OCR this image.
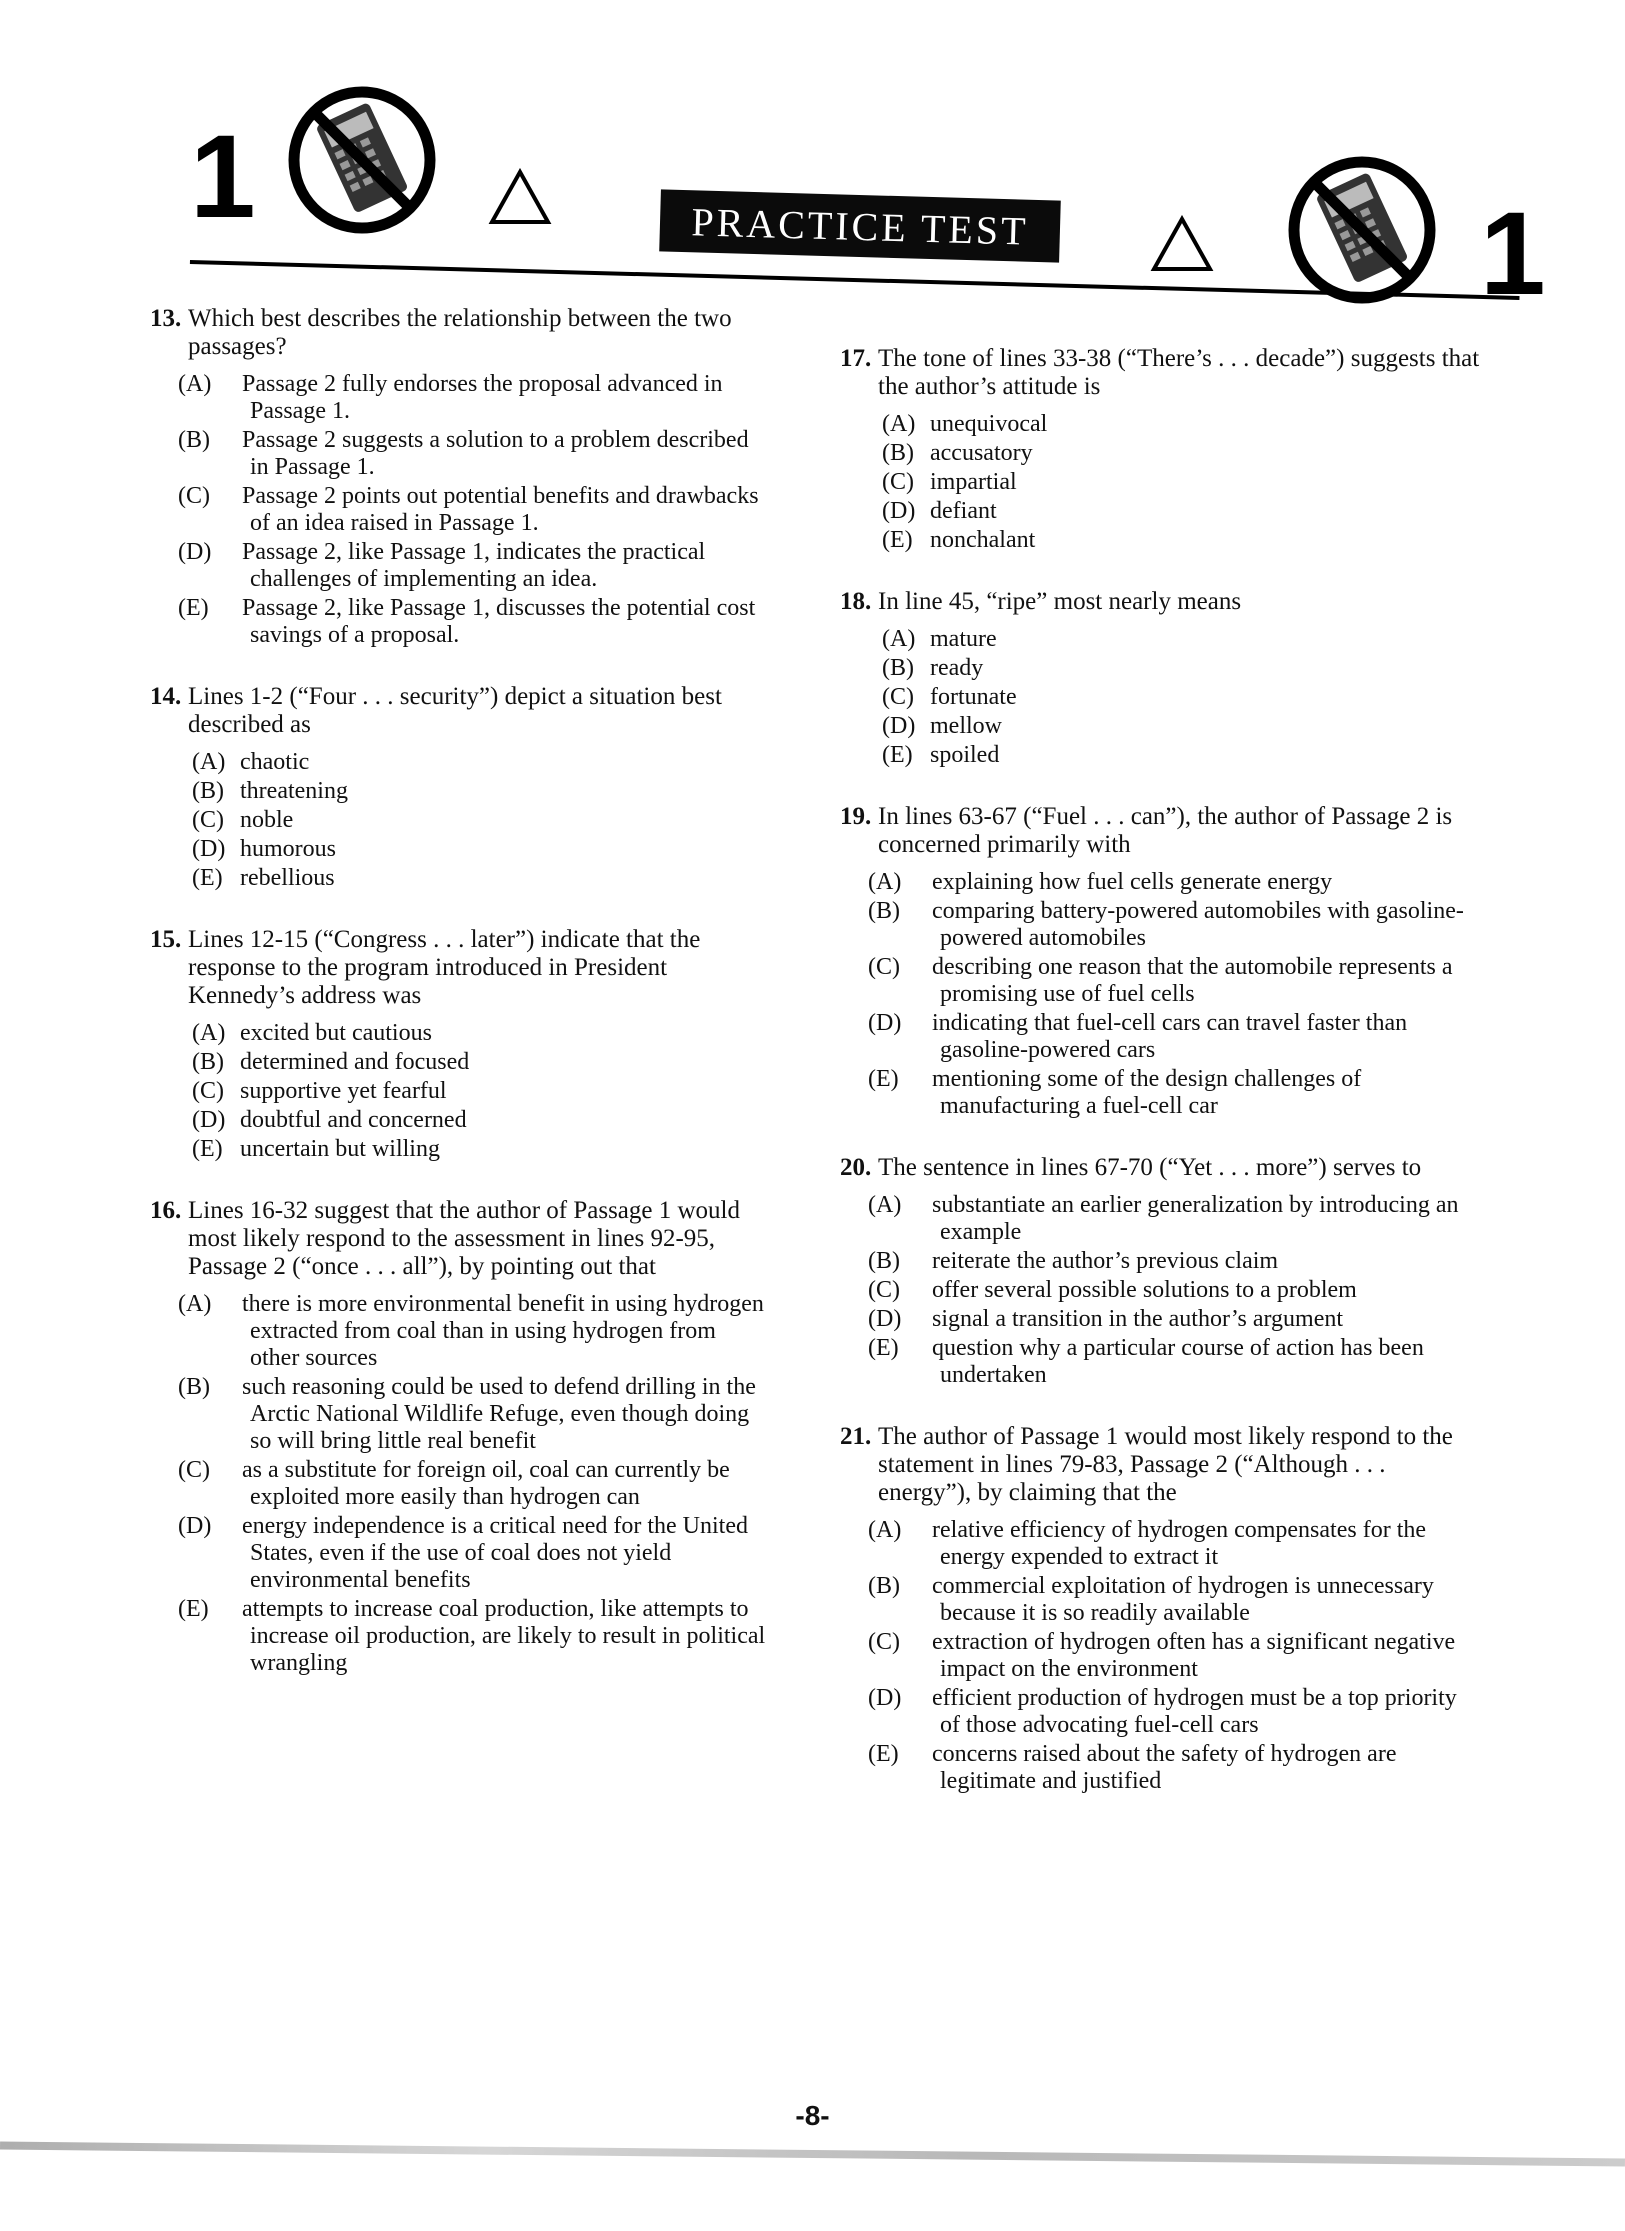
1	PRACTICE TEST	1
13. Which best describes the relationship between the two passages?
(A) Passage 2 fully endorses the proposal advanced in Passage 1.
(B) Passage 2 suggests a solution to a problem described in Passage 1.
(C) Passage 2 points out potential benefits and drawbacks of an idea raised in Passage 1.
(D) Passage 2, like Passage 1, indicates the practical challenges of implementing an idea.
(E) Passage 2, like Passage 1, discusses the potential cost savings of a proposal.
14. Lines 1-2 (“Four . . . security”) depict a situation best described as
(A) chaotic
(B) threatening
(C) noble
(D) humorous
(E) rebellious
15. Lines 12-15 (“Congress . . . later”) indicate that the response to the program introduced in President Kennedy’s address was
(A) excited but cautious
(B) determined and focused
(C) supportive yet fearful
(D) doubtful and concerned
(E) uncertain but willing
16. Lines 16-32 suggest that the author of Passage 1 would most likely respond to the assessment in lines 92-95, Passage 2 (“once . . . all”), by pointing out that
(A) there is more environmental benefit in using hydrogen extracted from coal than in using hydrogen from other sources
(B) such reasoning could be used to defend drilling in the Arctic National Wildlife Refuge, even though doing so will bring little real benefit
(C) as a substitute for foreign oil, coal can currently be exploited more easily than hydrogen can
(D) energy independence is a critical need for the United States, even if the use of coal does not yield environmental benefits
(E) attempts to increase coal production, like attempts to increase oil production, are likely to result in political wrangling
17. The tone of lines 33-38 (“There’s . . . decade”) suggests that the author’s attitude is
(A) unequivocal
(B) accusatory
(C) impartial
(D) defiant
(E) nonchalant
18. In line 45, “ripe” most nearly means
(A) mature
(B) ready
(C) fortunate
(D) mellow
(E) spoiled
19. In lines 63-67 (“Fuel . . . can”), the author of Passage 2 is concerned primarily with
(A) explaining how fuel cells generate energy
(B) comparing battery-powered automobiles with gasoline-powered automobiles
(C) describing one reason that the automobile represents a promising use of fuel cells
(D) indicating that fuel-cell cars can travel faster than gasoline-powered cars
(E) mentioning some of the design challenges of manufacturing a fuel-cell car
20. The sentence in lines 67-70 (“Yet . . . more”) serves to
(A) substantiate an earlier generalization by introducing an example
(B) reiterate the author’s previous claim
(C) offer several possible solutions to a problem
(D) signal a transition in the author’s argument
(E) question why a particular course of action has been undertaken
21. The author of Passage 1 would most likely respond to the statement in lines 79-83, Passage 2 (“Although . . . energy”), by claiming that the
(A) relative efficiency of hydrogen compensates for the energy expended to extract it
(B) commercial exploitation of hydrogen is unnecessary because it is so readily available
(C) extraction of hydrogen often has a significant negative impact on the environment
(D) efficient production of hydrogen must be a top priority of those advocating fuel-cell cars
(E) concerns raised about the safety of hydrogen are legitimate and justified
-8-
